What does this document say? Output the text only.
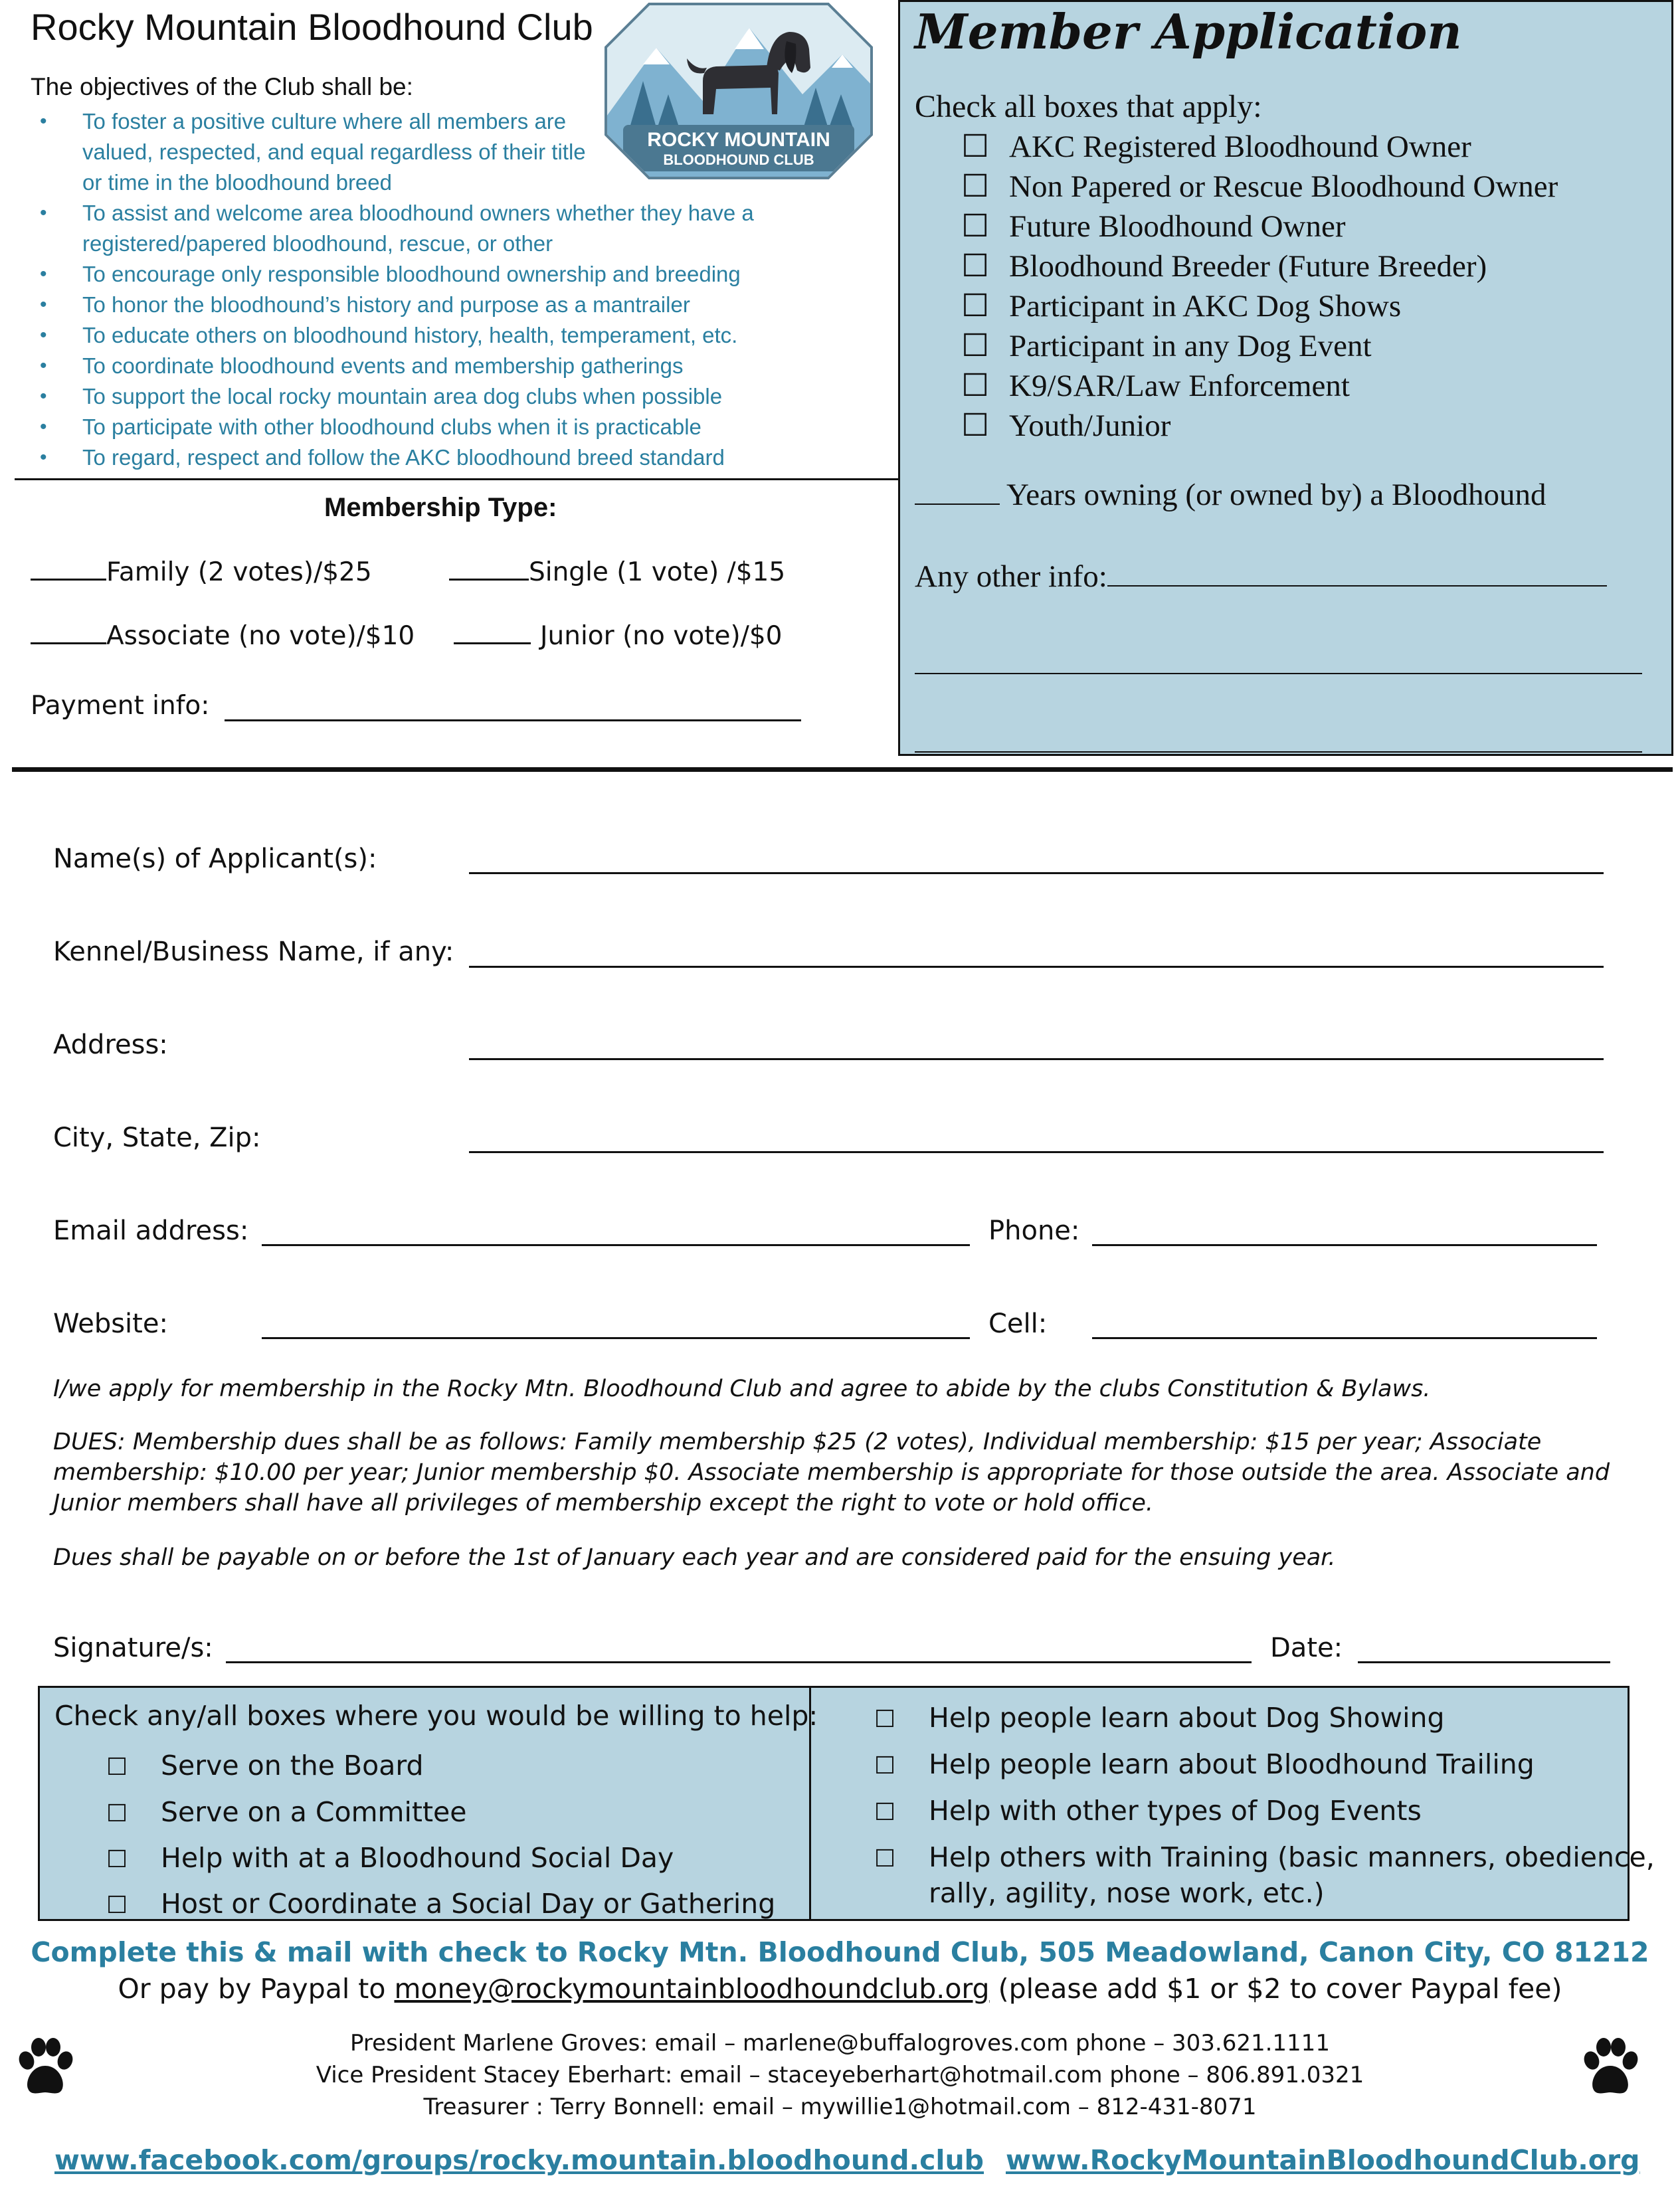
Rocky Mountain Bloodhound Club
ROCKY MOUNTAIN
BLOODHOUND CLUB
The objectives of the Club shall be:
• To foster a positive culture where all members are
valued, respected, and equal regardless of their title
or time in the bloodhound breed
• To assist and welcome area bloodhound owners whether they have a
registered/papered bloodhound, rescue, or other
• To encourage only responsible bloodhound ownership and breeding
• To honor the bloodhound’s history and purpose as a mantrailer
• To educate others on bloodhound history, health, temperament, etc.
• To coordinate bloodhound events and membership gatherings
• To support the local rocky mountain area dog clubs when possible
• To participate with other bloodhound clubs when it is practicable
• To regard, respect and follow the AKC bloodhound breed standard
Member Application
Check all boxes that apply:
☐ AKC Registered Bloodhound Owner
☐ Non Papered or Rescue Bloodhound Owner
☐ Future Bloodhound Owner
☐ Bloodhound Breeder (Future Breeder)
☐ Participant in AKC Dog Shows
☐ Participant in any Dog Event
☐ K9/SAR/Law Enforcement
☐ Youth/Junior
Years owning (or owned by) a Bloodhound
Any other info:
Membership Type:
Family (2 votes)/$25	Single (1 vote) /$15
Associate (no vote)/$10	Junior (no vote)/$0
Payment info:
Name(s) of Applicant(s):
Kennel/Business Name, if any:
Address:
City, State, Zip:
Email address:	Phone:
Website:	Cell:
I/we apply for membership in the Rocky Mtn. Bloodhound Club and agree to abide by the clubs Constitution & Bylaws.
DUES: Membership dues shall be as follows: Family membership $25 (2 votes), Individual membership: $15 per year; Associate
membership: $10.00 per year; Junior membership $0. Associate membership is appropriate for those outside the area. Associate and
Junior members shall have all privileges of membership except the right to vote or hold office.
Dues shall be payable on or before the 1st of January each year and are considered paid for the ensuing year.
Signature/s:	Date:
Check any/all boxes where you would be willing to help:
☐ Serve on the Board
☐ Serve on a Committee
☐ Help with at a Bloodhound Social Day
☐ Host or Coordinate a Social Day or Gathering
☐ Help people learn about Dog Showing
☐ Help people learn about Bloodhound Trailing
☐ Help with other types of Dog Events
☐ Help others with Training (basic manners, obedience,
rally, agility, nose work, etc.)
Complete this & mail with check to Rocky Mtn. Bloodhound Club, 505 Meadowland, Canon City, CO 81212
Or pay by Paypal to money@rockymountainbloodhoundclub.org (please add $1 or $2 to cover Paypal fee)
President Marlene Groves: email – marlene@buffalogroves.com phone – 303.621.1111
Vice President Stacey Eberhart: email – staceyeberhart@hotmail.com phone – 806.891.0321
Treasurer : Terry Bonnell: email – mywillie1@hotmail.com – 812-431-8071
www.facebook.com/groups/rocky.mountain.bloodhound.club www.RockyMountainBloodhoundClub.org
